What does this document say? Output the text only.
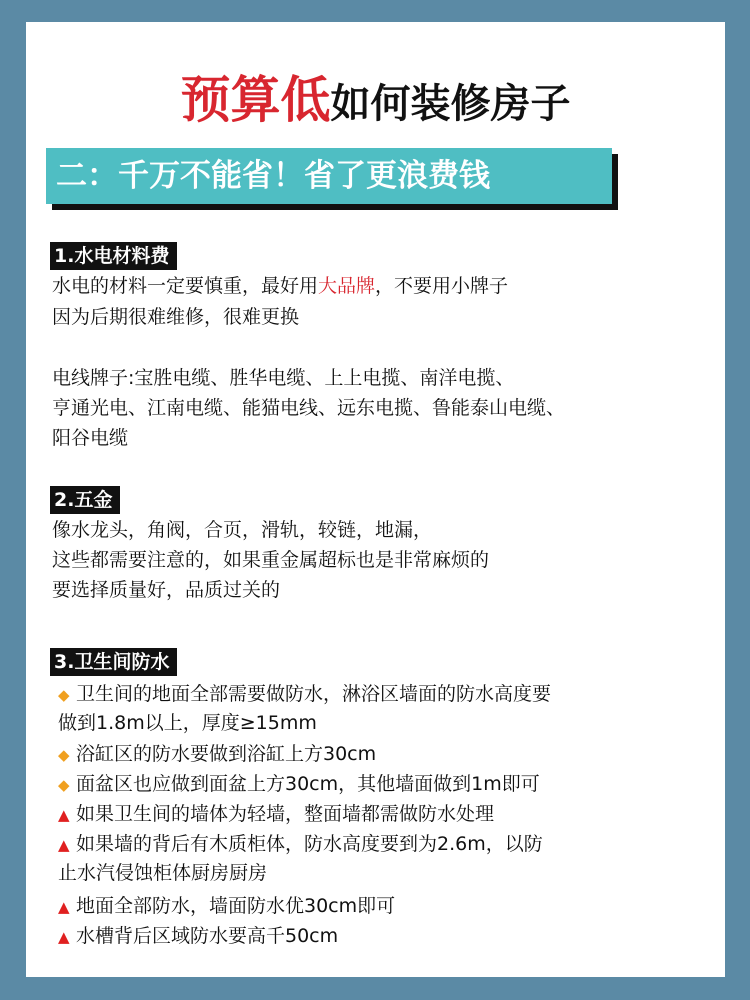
预算低如何装修房子
二：千万不能省！省了更浪费钱
1.水电材料费
水电的材料一定要慎重，最好用大品牌，不要用小牌子
因为后期很难维修，很难更换
电线牌子:宝胜电缆、胜华电缆、上上电揽、南洋电揽、
亨通光电、江南电缆、能猫电线、远东电揽、鲁能泰山电缆、
阳谷电缆
2.五金
像水龙头，角阀，合页，滑轨，较链，地漏，
这些都需要注意的，如果重金属超标也是非常麻烦的
要选择质量好，品质过关的
3.卫生间防水
◆ 卫生间的地面全部需要做防水，淋浴区墙面的防水高度要
做到1.8m以上，厚度≥15mm
◆ 浴缸区的防水要做到浴缸上方30cm
◆ 面盆区也应做到面盆上方30cm，其他墙面做到1m即可
▲ 如果卫生间的墙体为轻墙，整面墙都需做防水处理
▲ 如果墙的背后有木质柜体，防水高度要到为2.6m，以防
止水汽侵蚀柜体厨房厨房
▲ 地面全部防水，墙面防水优30cm即可
▲ 水槽背后区域防水要高千50cm
